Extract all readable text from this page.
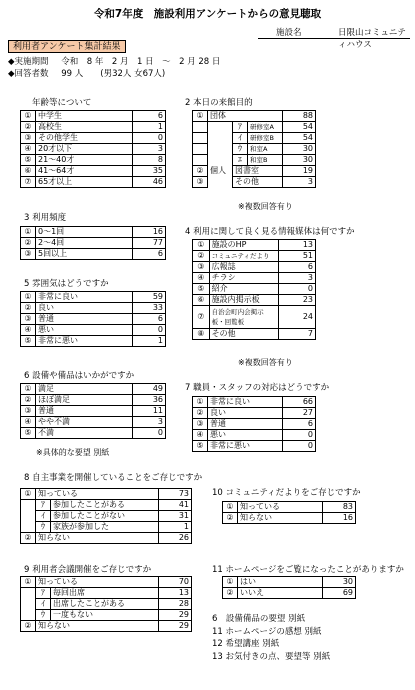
令和7年度　施設利用アンケートからの意見聴取
施設名	日限山コミュニティハウス
利用者アンケート集計結果
◆実施期間 令和　8 年　2 月　1 日　～　2 月 28 日
◆回答者数 99 人　　(男32人 女67人)
年齢等について
①	中学生	6
②	高校生	1
③	その他学生	0
④	20才以下	3
⑤	21～40才	8
⑥	41～64才	35
⑦	65才以上	46
2 本日の来館目的
①	団体			88
		ｱ	研修室A	54
		ｲ	研修室B	54
		ｳ	和室A	30
		ｴ	和室B	30
②	個人	図書室		19
③		その他		3
※複数回答有り
3 利用頻度
①	0～1回	16
②	2～4回	77
③	5回以上	6
4 利用に関して良く見る情報媒体は何ですか
①	施設のHP	13
②	コミュニティだより	51
③	広報誌	6
④	チラシ	3
⑤	紹介	0
⑥	施設内掲示板	23
⑦	自治会町内会掲示板・回覧板	24
⑧	その他	7
※複数回答有り
5 雰囲気はどうですか
①	非常に良い	59
②	良い	33
③	普通	6
④	悪い	0
⑤	非常に悪い	1
6 設備や備品はいかがですか
①	満足	49
②	ほぼ満足	36
③	普通	11
④	やや不満	3
⑤	不満	0
※具体的な要望 別紙
7 職員・スタッフの対応はどうですか
①	非常に良い	66
②	良い	27
③	普通	6
④	悪い	0
⑤	非常に悪い	0
8 自主事業を開催していることをご存じですか
①	知っている		73
	ｱ	参加したことがある	41
	ｲ	参加したことがない	31
	ｳ	家族が参加した	1
②	知らない		26
10 コミュニティだよりをご存じですか
①	知っている	83
②	知らない	16
9 利用者会議開催をご存じですか
①	知っている		70
	ｱ	毎回出席	13
	ｲ	出席したことがある	28
	ｳ	一度もない	29
②	知らない		29
11 ホームページをご覧になったことがありますか
①	はい	30
②	いいえ	69
6　設備備品の要望 別紙
11 ホームページの感想 別紙
12 希望講座 別紙
13 お気付きの点、要望等 別紙
